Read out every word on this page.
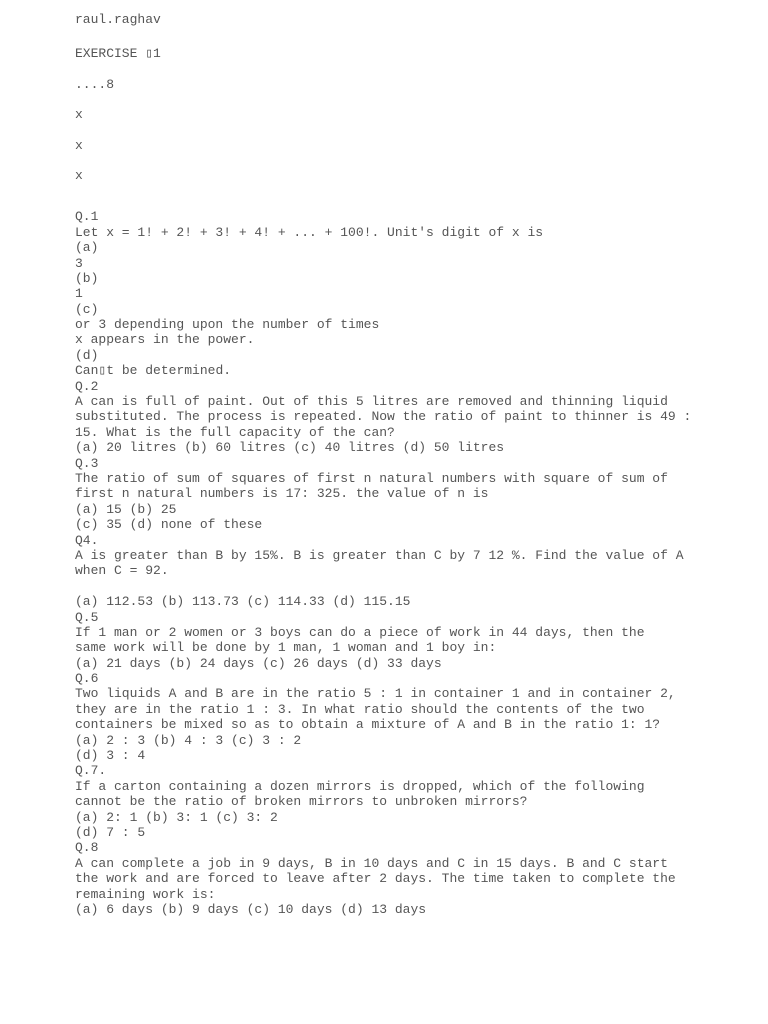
raul.raghav
EXERCISE ▯1
....8
x
x
x
Q.1
Let x = 1! + 2! + 3! + 4! + ... + 100!. Unit's digit of x is
(a)
3
(b)
1
(c)
or 3 depending upon the number of times
x appears in the power.
(d)
Can▯t be determined.
Q.2
A can is full of paint. Out of this 5 litres are removed and thinning liquid
substituted. The process is repeated. Now the ratio of paint to thinner is 49 :
15. What is the full capacity of the can?
(a) 20 litres (b) 60 litres (c) 40 litres (d) 50 litres
Q.3
The ratio of sum of squares of first n natural numbers with square of sum of
first n natural numbers is 17: 325. the value of n is
(a) 15 (b) 25
(c) 35 (d) none of these
Q4.
A is greater than B by 15%. B is greater than C by 7 12 %. Find the value of A
when C = 92.
(a) 112.53 (b) 113.73 (c) 114.33 (d) 115.15
Q.5
If 1 man or 2 women or 3 boys can do a piece of work in 44 days, then the
same work will be done by 1 man, 1 woman and 1 boy in:
(a) 21 days (b) 24 days (c) 26 days (d) 33 days
Q.6
Two liquids A and B are in the ratio 5 : 1 in container 1 and in container 2,
they are in the ratio 1 : 3. In what ratio should the contents of the two
containers be mixed so as to obtain a mixture of A and B in the ratio 1: 1?
(a) 2 : 3 (b) 4 : 3 (c) 3 : 2
(d) 3 : 4
Q.7.
If a carton containing a dozen mirrors is dropped, which of the following
cannot be the ratio of broken mirrors to unbroken mirrors?
(a) 2: 1 (b) 3: 1 (c) 3: 2
(d) 7 : 5
Q.8
A can complete a job in 9 days, B in 10 days and C in 15 days. B and C start
the work and are forced to leave after 2 days. The time taken to complete the
remaining work is:
(a) 6 days (b) 9 days (c) 10 days (d) 13 days
